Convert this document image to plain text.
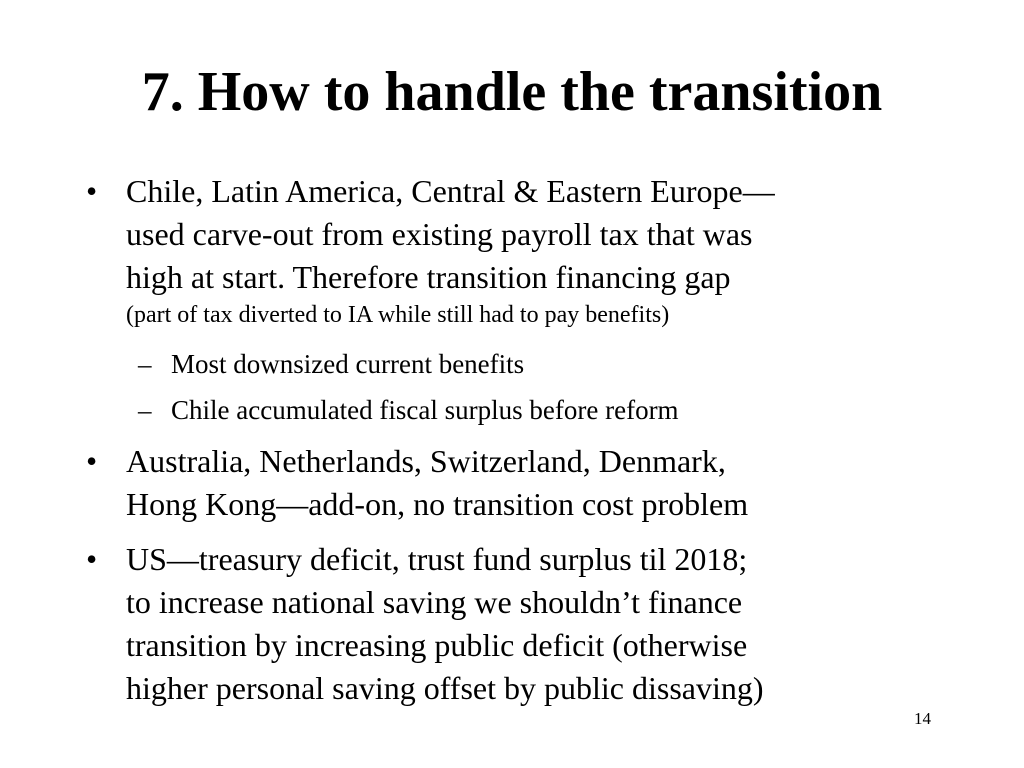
7. How to handle the transition
• Chile, Latin America, Central & Eastern Europe—
used carve-out from existing payroll tax that was
high at start. Therefore transition financing gap
(part of tax diverted to IA while still had to pay benefits)
– Most downsized current benefits
– Chile accumulated fiscal surplus before reform
• Australia, Netherlands, Switzerland, Denmark,
Hong Kong—add-on, no transition cost problem
• US—treasury deficit, trust fund surplus til 2018;
to increase national saving we shouldn’t finance
transition by increasing public deficit (otherwise
higher personal saving offset by public dissaving)
14
